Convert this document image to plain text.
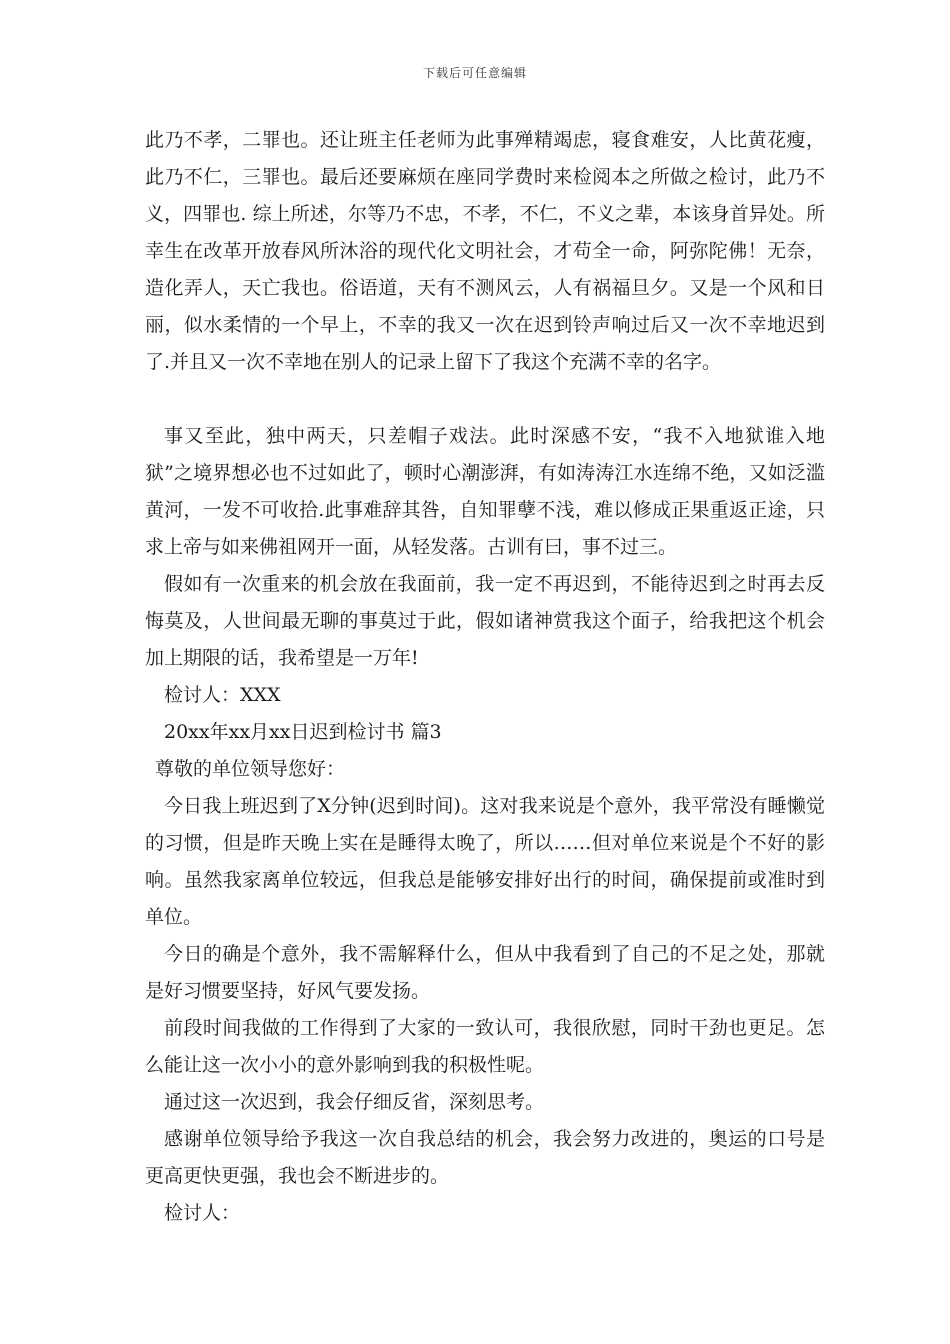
下载后可任意编辑

此乃不孝，二罪也。还让班主任老师为此事殚精竭虑，寝食难安，人比黄花瘦，此乃不仁，三罪也。最后还要麻烦在座同学费时来检阅本之所做之检讨，此乃不义，四罪也. 综上所述，尔等乃不忠，不孝，不仁，不义之辈，本该身首异处。所幸生在改革开放春风所沐浴的现代化文明社会，才苟全一命，阿弥陀佛！无奈，造化弄人，天亡我也。俗语道，天有不测风云，人有祸福旦夕。又是一个风和日丽，似水柔情的一个早上，不幸的我又一次在迟到铃声响过后又一次不幸地迟到了.并且又一次不幸地在别人的记录上留下了我这个充满不幸的名字。

事又至此，独中两天，只差帽子戏法。此时深感不安，“我不入地狱谁入地狱”之境界想必也不过如此了，顿时心潮澎湃，有如涛涛江水连绵不绝，又如泛滥黄河，一发不可收拾.此事难辞其咎，自知罪孽不浅，难以修成正果重返正途，只求上帝与如来佛祖网开一面，从轻发落。古训有曰，事不过三。

假如有一次重来的机会放在我面前，我一定不再迟到，不能待迟到之时再去反悔莫及，人世间最无聊的事莫过于此，假如诸神赏我这个面子，给我把这个机会加上期限的话，我希望是一万年!

检讨人：XXX

20xx年xx月xx日迟到检讨书 篇3

尊敬的单位领导您好：

今日我上班迟到了X分钟(迟到时间)。这对我来说是个意外，我平常没有睡懒觉的习惯，但是昨天晚上实在是睡得太晚了，所以……但对单位来说是个不好的影响。虽然我家离单位较远，但我总是能够安排好出行的时间，确保提前或准时到单位。

今日的确是个意外，我不需解释什么，但从中我看到了自己的不足之处，那就是好习惯要坚持，好风气要发扬。

前段时间我做的工作得到了大家的一致认可，我很欣慰，同时干劲也更足。怎么能让这一次小小的意外影响到我的积极性呢。

通过这一次迟到，我会仔细反省，深刻思考。

感谢单位领导给予我这一次自我总结的机会，我会努力改进的，奥运的口号是更高更快更强，我也会不断进步的。

检讨人：
